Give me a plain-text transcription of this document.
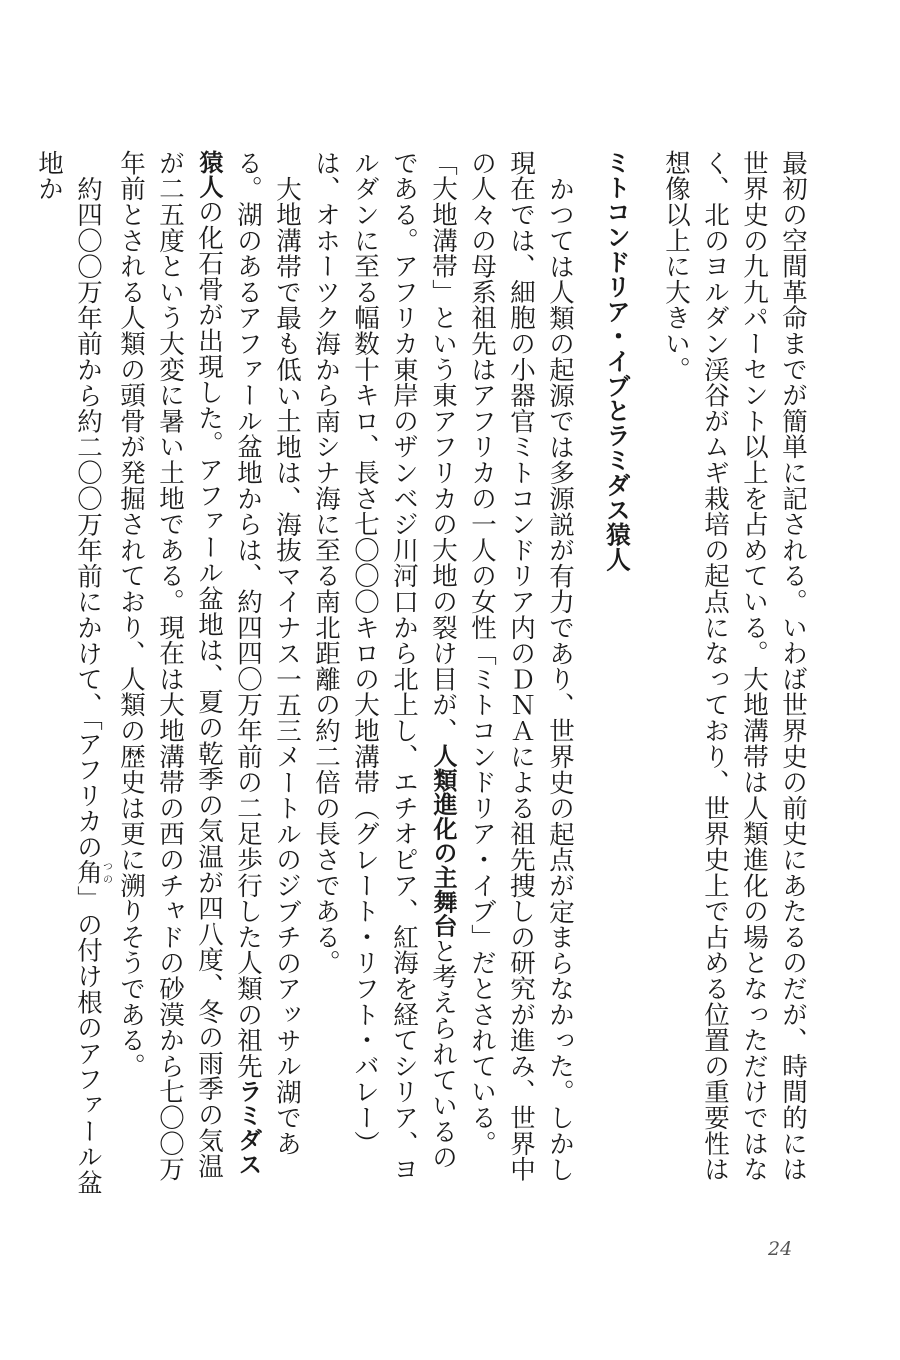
最初の空間革命までが簡単に記される。いわば世界史の前史にあたるのだが、時間的には世界史の九九パーセント以上を占めている。大地溝帯は人類進化の場となっただけではなく、北のヨルダン渓谷がムギ栽培の起点になっており、世界史上で占める位置の重要性は想像以上に大きい。

ミトコンドリア・イブとラミダス猿人

かつては人類の起源では多源説が有力であり、世界史の起点が定まらなかった。しかし現在では、細胞の小器官ミトコンドリア内のＤＮＡによる祖先捜しの研究が進み、世界中の人々の母系祖先はアフリカの一人の女性「ミトコンドリア・イブ」だとされている。「大地溝帯」という東アフリカの大地の裂け目が、人類進化の主舞台と考えられているのである。アフリカ東岸のザンベジ川河口から北上し、エチオピア、紅海を経てシリア、ヨルダンに至る幅数十キロ、長さ七〇〇〇キロの大地溝帯（グレート・リフト・バレー）は、オホーツク海から南シナ海に至る南北距離の約二倍の長さである。

大地溝帯で最も低い土地は、海抜マイナス一五三メートルのジブチのアッサル湖である。湖のあるアファール盆地からは、約四四〇万年前の二足歩行した人類の祖先ラミダス猿人の化石骨が出現した。アファール盆地は、夏の乾季の気温が四八度、冬の雨季の気温が二五度という大変に暑い土地である。現在は大地溝帯の西のチャドの砂漠から七〇〇万年前とされる人類の頭骨が発掘されており、人類の歴史は更に溯りそうである。

約四〇〇万年前から約二〇〇万年前にかけて、「アフリカの角つの」の付け根のアファール盆地か

24
